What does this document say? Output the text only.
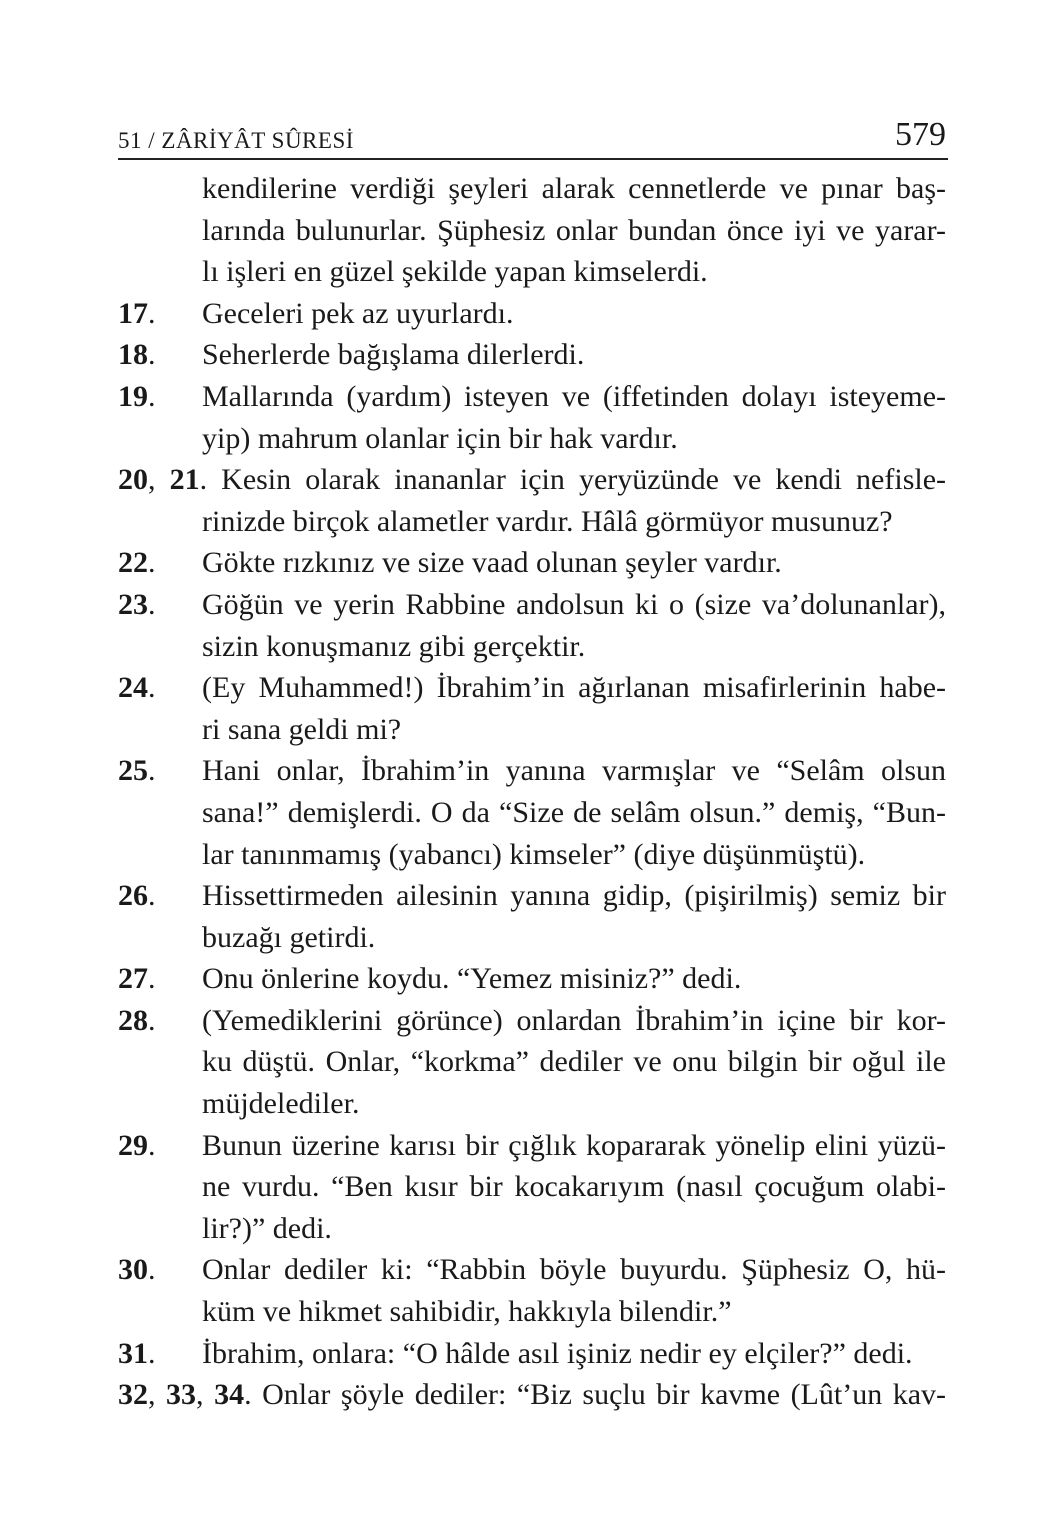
51 / ZÂRİYÂT SÛRESİ	579
kendilerine verdiği şeyleri alarak cennetlerde ve pınar baş-
larında bulunurlar. Şüphesiz onlar bundan önce iyi ve yarar-
lı işleri en güzel şekilde yapan kimselerdi.
17. Geceleri pek az uyurlardı.
18. Seherlerde bağışlama dilerlerdi.
19. Mallarında (yardım) isteyen ve (iffetinden dolayı isteyeme-
yip) mahrum olanlar için bir hak vardır.
20, 21. Kesin olarak inananlar için yeryüzünde ve kendi nefisle-
rinizde birçok alametler vardır. Hâlâ görmüyor musunuz?
22. Gökte rızkınız ve size vaad olunan şeyler vardır.
23. Göğün ve yerin Rabbine andolsun ki o (size va’dolunanlar),
sizin konuşmanız gibi gerçektir.
24. (Ey Muhammed!) İbrahim’in ağırlanan misafirlerinin habe-
ri sana geldi mi?
25. Hani onlar, İbrahim’in yanına varmışlar ve “Selâm olsun
sana!” demişlerdi. O da “Size de selâm olsun.” demiş, “Bun-
lar tanınmamış (yabancı) kimseler” (diye düşünmüştü).
26. Hissettirmeden ailesinin yanına gidip, (pişirilmiş) semiz bir
buzağı getirdi.
27. Onu önlerine koydu. “Yemez misiniz?” dedi.
28. (Yemediklerini görünce) onlardan İbrahim’in içine bir kor-
ku düştü. Onlar, “korkma” dediler ve onu bilgin bir oğul ile
müjdelediler.
29. Bunun üzerine karısı bir çığlık kopararak yönelip elini yüzü-
ne vurdu. “Ben kısır bir kocakarıyım (nasıl çocuğum olabi-
lir?)” dedi.
30. Onlar dediler ki: “Rabbin böyle buyurdu. Şüphesiz O, hü-
küm ve hikmet sahibidir, hakkıyla bilendir.”
31. İbrahim, onlara: “O hâlde asıl işiniz nedir ey elçiler?” dedi.
32, 33, 34. Onlar şöyle dediler: “Biz suçlu bir kavme (Lût’un kav-
